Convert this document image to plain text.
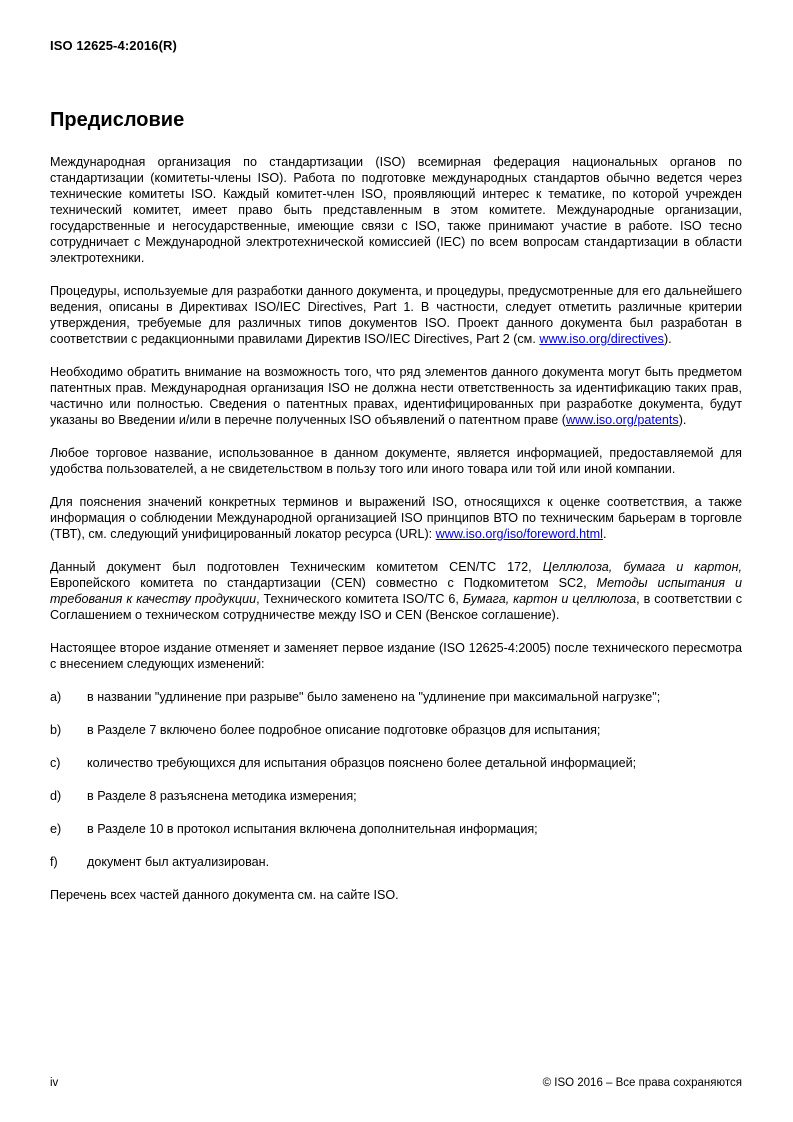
ISO 12625-4:2016(R)
Предисловие

Международная организация по стандартизации (ISO) всемирная федерация национальных органов по стандартизации (комитеты-члены ISO). Работа по подготовке международных стандартов обычно ведется через технические комитеты ISO. Каждый комитет-член ISO, проявляющий интерес к тематике, по которой учрежден технический комитет, имеет право быть представленным в этом комитете. Международные организации, государственные и негосударственные, имеющие связи с ISO, также принимают участие в работе. ISO тесно сотрудничает с Международной электротехнической комиссией (IEC) по всем вопросам стандартизации в области электротехники.

Процедуры, используемые для разработки данного документа, и процедуры, предусмотренные для его дальнейшего ведения, описаны в Директивах ISO/IEC Directives, Part 1. В частности, следует отметить различные критерии утверждения, требуемые для различных типов документов ISO. Проект данного документа был разработан в соответствии с редакционными правилами Директив ISO/IEC Directives, Part 2 (см. www.iso.org/directives).

Необходимо обратить внимание на возможность того, что ряд элементов данного документа могут быть предметом патентных прав. Международная организация ISO не должна нести ответственность за идентификацию таких прав, частично или полностью. Сведения о патентных правах, идентифицированных при разработке документа, будут указаны во Введении и/или в перечне полученных ISO объявлений о патентном праве (www.iso.org/patents).

Любое торговое название, использованное в данном документе, является информацией, предоставляемой для удобства пользователей, а не свидетельством в пользу того или иного товара или той или иной компании.

Для пояснения значений конкретных терминов и выражений ISO, относящихся к оценке соответствия, а также информация о соблюдении Международной организацией ISO принципов ВТО по техническим барьерам в торговле (ТВТ), см. следующий унифицированный локатор ресурса (URL): www.iso.org/iso/foreword.html.

Данный документ был подготовлен Техническим комитетом CEN/TC 172, Целлюлоза, бумага и картон, Европейского комитета по стандартизации (CEN) совместно с Подкомитетом SC2, Методы испытания и требования к качеству продукции, Технического комитета ISO/TC 6, Бумага, картон и целлюлоза, в соответствии с Соглашением о техническом сотрудничестве между ISO и CEN (Венское соглашение).

Настоящее второе издание отменяет и заменяет первое издание (ISO 12625-4:2005) после технического пересмотра с внесением следующих изменений:

a)	в названии "удлинение при разрыве" было заменено на "удлинение при максимальной нагрузке";
b)	в Разделе 7 включено более подробное описание подготовке образцов для испытания;
c)	количество требующихся для испытания образцов пояснено более детальной информацией;
d)	в Разделе 8 разъяснена методика измерения;
e)	в Разделе 10 в протокол испытания включена дополнительная информация;
f)	документ был актуализирован.

Перечень всех частей данного документа см. на сайте ISO.

iv	© ISO 2016 – Все права сохраняются
